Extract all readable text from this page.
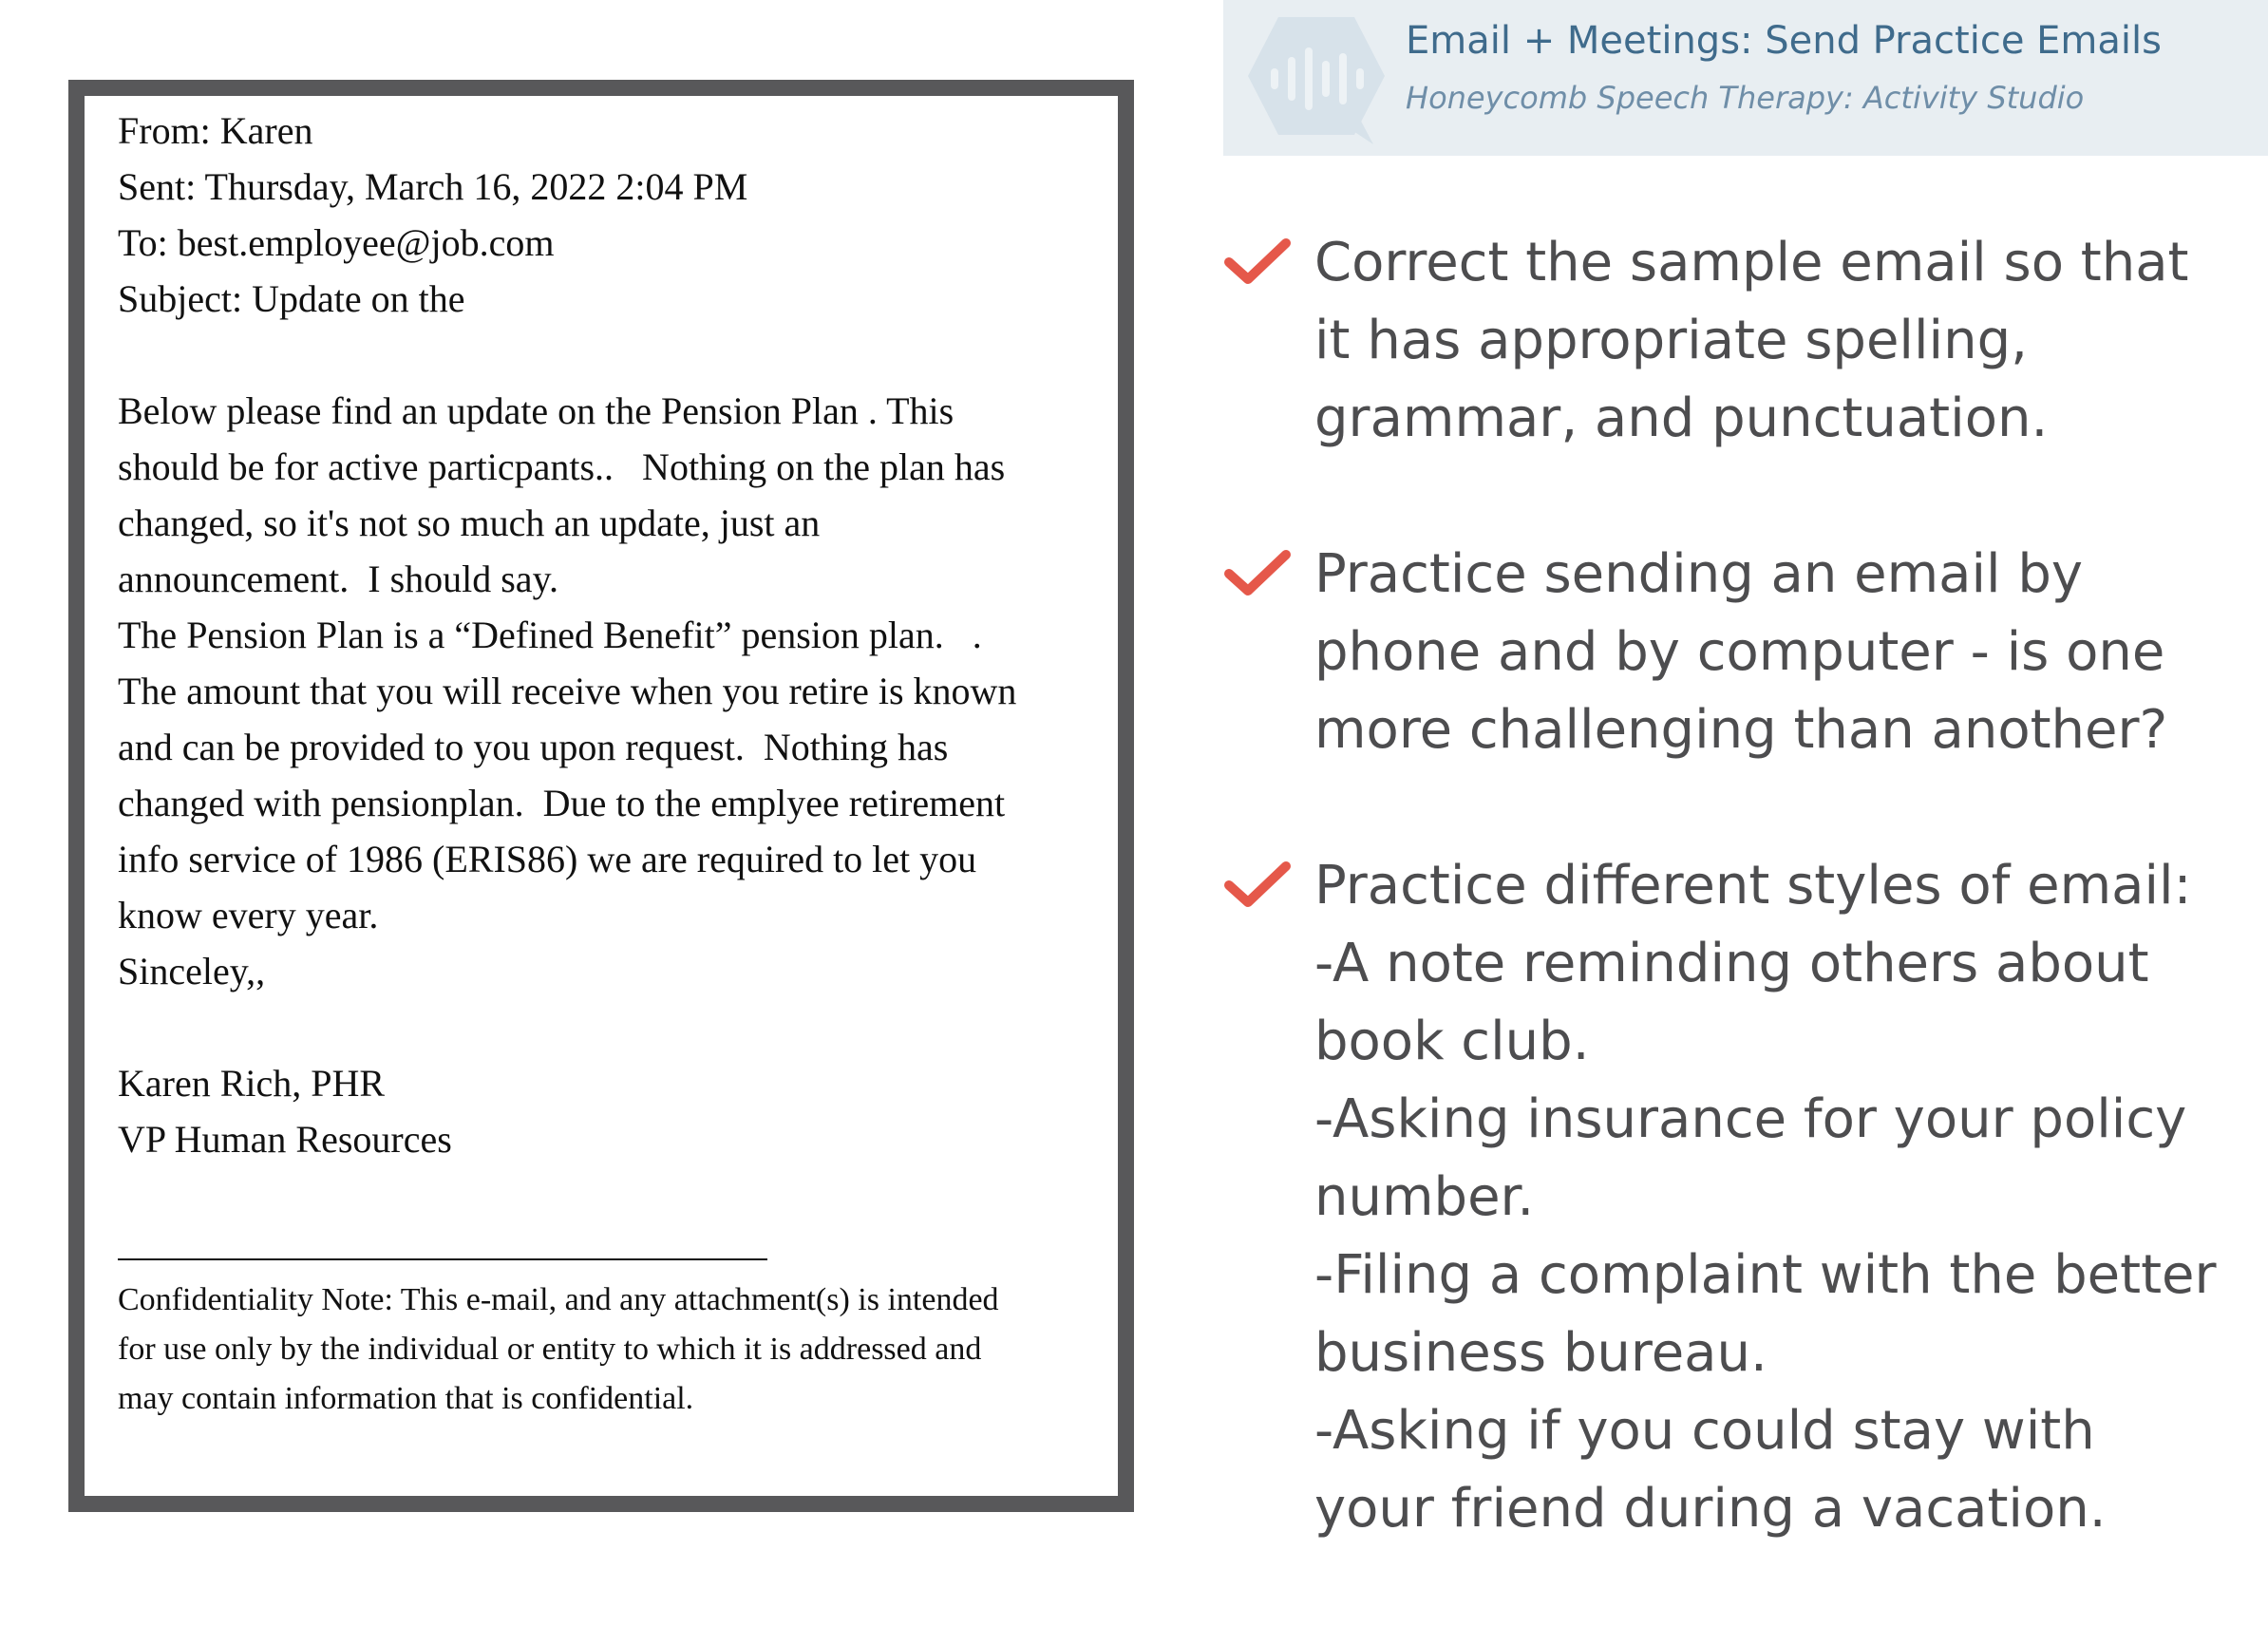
Email + Meetings: Send Practice Emails

Honeycomb Speech Therapy: Activity Studio

From: Karen

Sent: Thursday, March 16, 2022 2:04 PM

To: best.employee@job.com

Subject: Update on the

Below please find an update on the Pension Plan . This

should be for active particpants..   Nothing on the plan has

changed, so it's not so much an update, just an

announcement.  I should say.

The Pension Plan is a “Defined Benefit” pension plan.   .

The amount that you will receive when you retire is known

and can be provided to you upon request.  Nothing has

changed with pensionplan.  Due to the emplyee retirement

info service of 1986 (ERIS86) we are required to let you

know every year.

Sinceley,,

Karen Rich, PHR

VP Human Resources

Confidentiality Note: This e-mail, and any attachment(s) is intended

for use only by the individual or entity to which it is addressed and

may contain information that is confidential.

Correct the sample email so that
it has appropriate spelling,
grammar, and punctuation.
Practice sending an email by
phone and by computer - is one
more challenging than another?
Practice different styles of email:
-A note reminding others about
book club.
-Asking insurance for your policy
number.
-Filing a complaint with the better
business bureau.
-Asking if you could stay with
your friend during a vacation.
